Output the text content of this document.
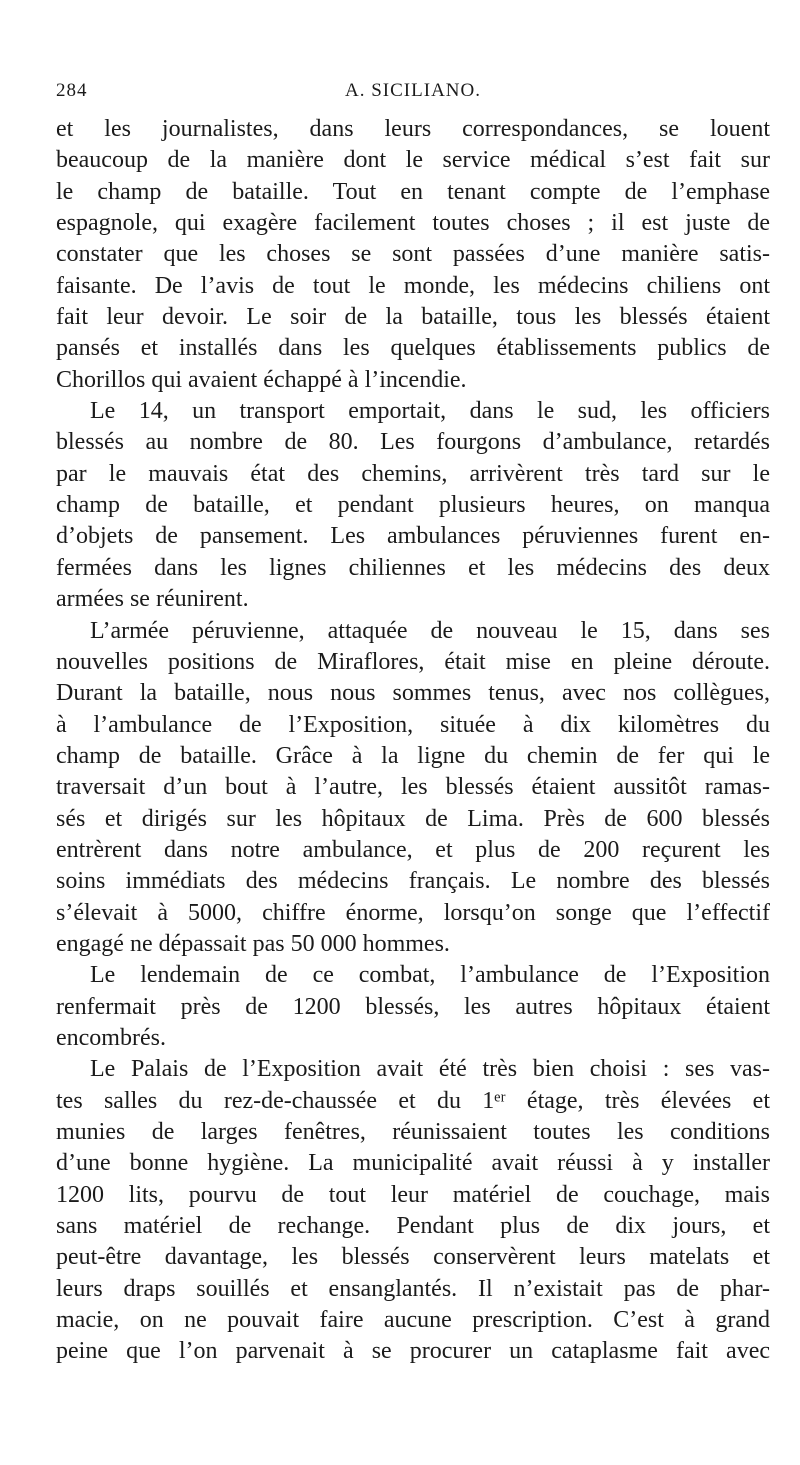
284	A. SICILIANO.
et les journalistes, dans leurs correspondances, se louent
beaucoup de la manière dont le service médical s’est fait sur
le champ de bataille. Tout en tenant compte de l’emphase
espagnole, qui exagère facilement toutes choses ; il est juste de
constater que les choses se sont passées d’une manière satis-
faisante. De l’avis de tout le monde, les médecins chiliens ont
fait leur devoir. Le soir de la bataille, tous les blessés étaient
pansés et installés dans les quelques établissements publics de
Chorillos qui avaient échappé à l’incendie.
Le 14, un transport emportait, dans le sud, les officiers
blessés au nombre de 80. Les fourgons d’ambulance, retardés
par le mauvais état des chemins, arrivèrent très tard sur le
champ de bataille, et pendant plusieurs heures, on manqua
d’objets de pansement. Les ambulances péruviennes furent en-
fermées dans les lignes chiliennes et les médecins des deux
armées se réunirent.
L’armée péruvienne, attaquée de nouveau le 15, dans ses
nouvelles positions de Miraflores, était mise en pleine déroute.
Durant la bataille, nous nous sommes tenus, avec nos collègues,
à l’ambulance de l’Exposition, située à dix kilomètres du
champ de bataille. Grâce à la ligne du chemin de fer qui le
traversait d’un bout à l’autre, les blessés étaient aussitôt ramas-
sés et dirigés sur les hôpitaux de Lima. Près de 600 blessés
entrèrent dans notre ambulance, et plus de 200 reçurent les
soins immédiats des médecins français. Le nombre des blessés
s’élevait à 5000, chiffre énorme, lorsqu’on songe que l’effectif
engagé ne dépassait pas 50 000 hommes.
Le lendemain de ce combat, l’ambulance de l’Exposition
renfermait près de 1200 blessés, les autres hôpitaux étaient
encombrés.
Le Palais de l’Exposition avait été très bien choisi : ses vas-
tes salles du rez-de-chaussée et du 1ᵉʳ étage, très élevées et
munies de larges fenêtres, réunissaient toutes les conditions
d’une bonne hygiène. La municipalité avait réussi à y installer
1200 lits, pourvu de tout leur matériel de couchage, mais
sans matériel de rechange. Pendant plus de dix jours, et
peut-être davantage, les blessés conservèrent leurs matelats et
leurs draps souillés et ensanglantés. Il n’existait pas de phar-
macie, on ne pouvait faire aucune prescription. C’est à grand
peine que l’on parvenait à se procurer un cataplasme fait avec
